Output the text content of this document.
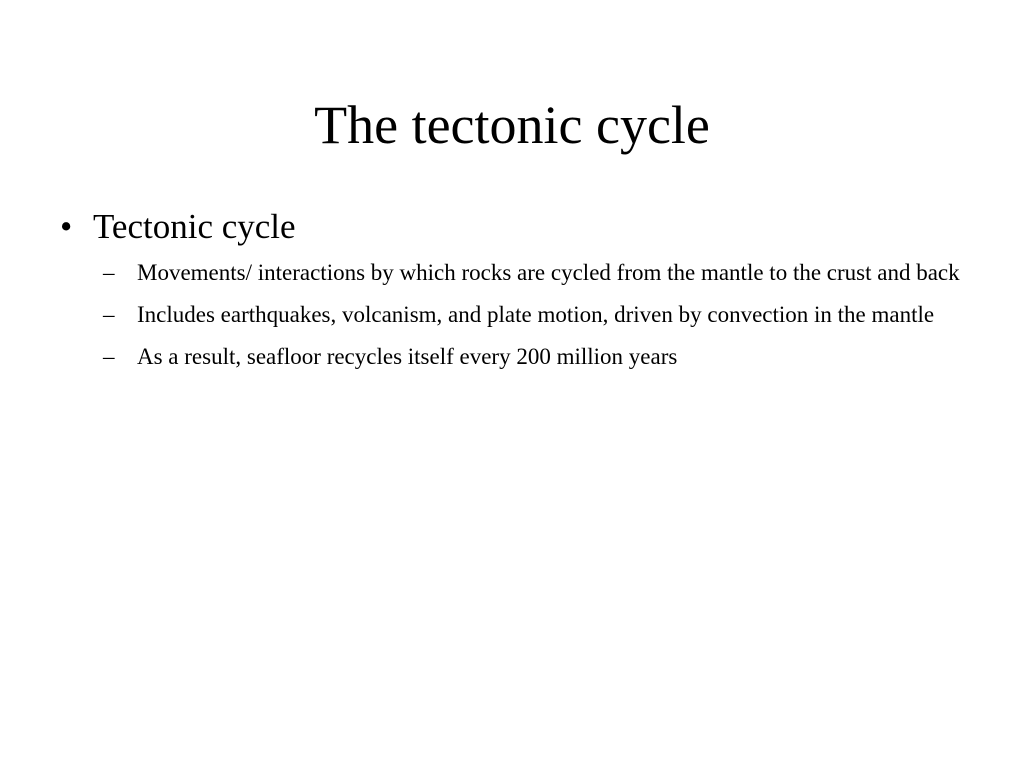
The tectonic cycle
• Tectonic cycle
– Movements/ interactions by which rocks are cycled from the mantle to the crust and back
– Includes earthquakes, volcanism, and plate motion, driven by convection in the mantle
– As a result, seafloor recycles itself every 200 million years
